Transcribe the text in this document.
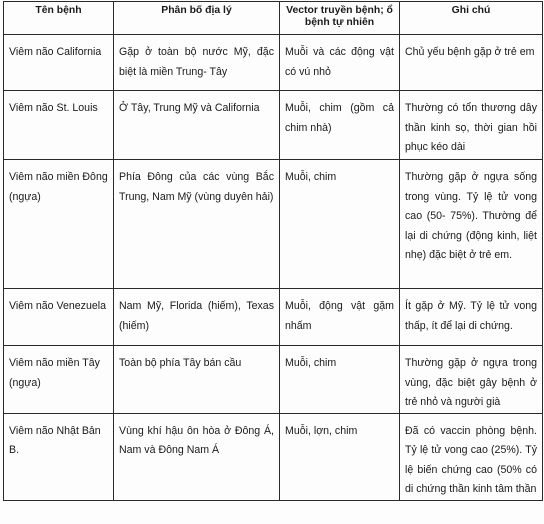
Tên bệnh	Phân bố địa lý	Vector truyền bệnh; ổ bệnh tự nhiên	Ghi chú

Viêm não California	Gặp ở toàn bộ nước Mỹ, đặc biệt là miền Trung- Tây	Muỗi và các động vật có vú nhỏ	Chủ yếu bệnh gặp ở trẻ em

Viêm não St. Louis	Ở Tây, Trung Mỹ và California	Muỗi, chim (gồm cả chim nhà)	Thường có tổn thương dây thần kinh sọ, thời gian hồi phục kéo dài

Viêm não miền Đông (ngựa)	Phía Đông của các vùng Bắc Trung, Nam Mỹ (vùng duyên hải)	Muỗi, chim	Thường gặp ở ngựa sống trong vùng. Tỷ lệ tử vong cao (50- 75%). Thường để lại di chứng (động kinh, liệt nhẹ) đặc biệt ở trẻ em.

Viêm não Venezuela	Nam Mỹ, Florida (hiếm), Texas (hiếm)	Muỗi, động vật gặm nhấm	Ít gặp ở Mỹ. Tỷ lệ tử vong thấp, ít để lại di chứng.

Viêm não miền Tây (ngựa)	Toàn bộ phía Tây bán cầu	Muỗi, chim	Thường gặp ở ngựa trong vùng, đặc biệt gây bệnh ở trẻ nhỏ và người già

Viêm não Nhật Bản B.	Vùng khí hậu ôn hòa ở Đông Á, Nam và Đông Nam Á	Muỗi, lợn, chim	Đã có vaccin phòng bệnh. Tỷ lệ tử vong cao (25%). Tỷ lệ biến chứng cao (50% có di chứng thần kinh tâm thần
